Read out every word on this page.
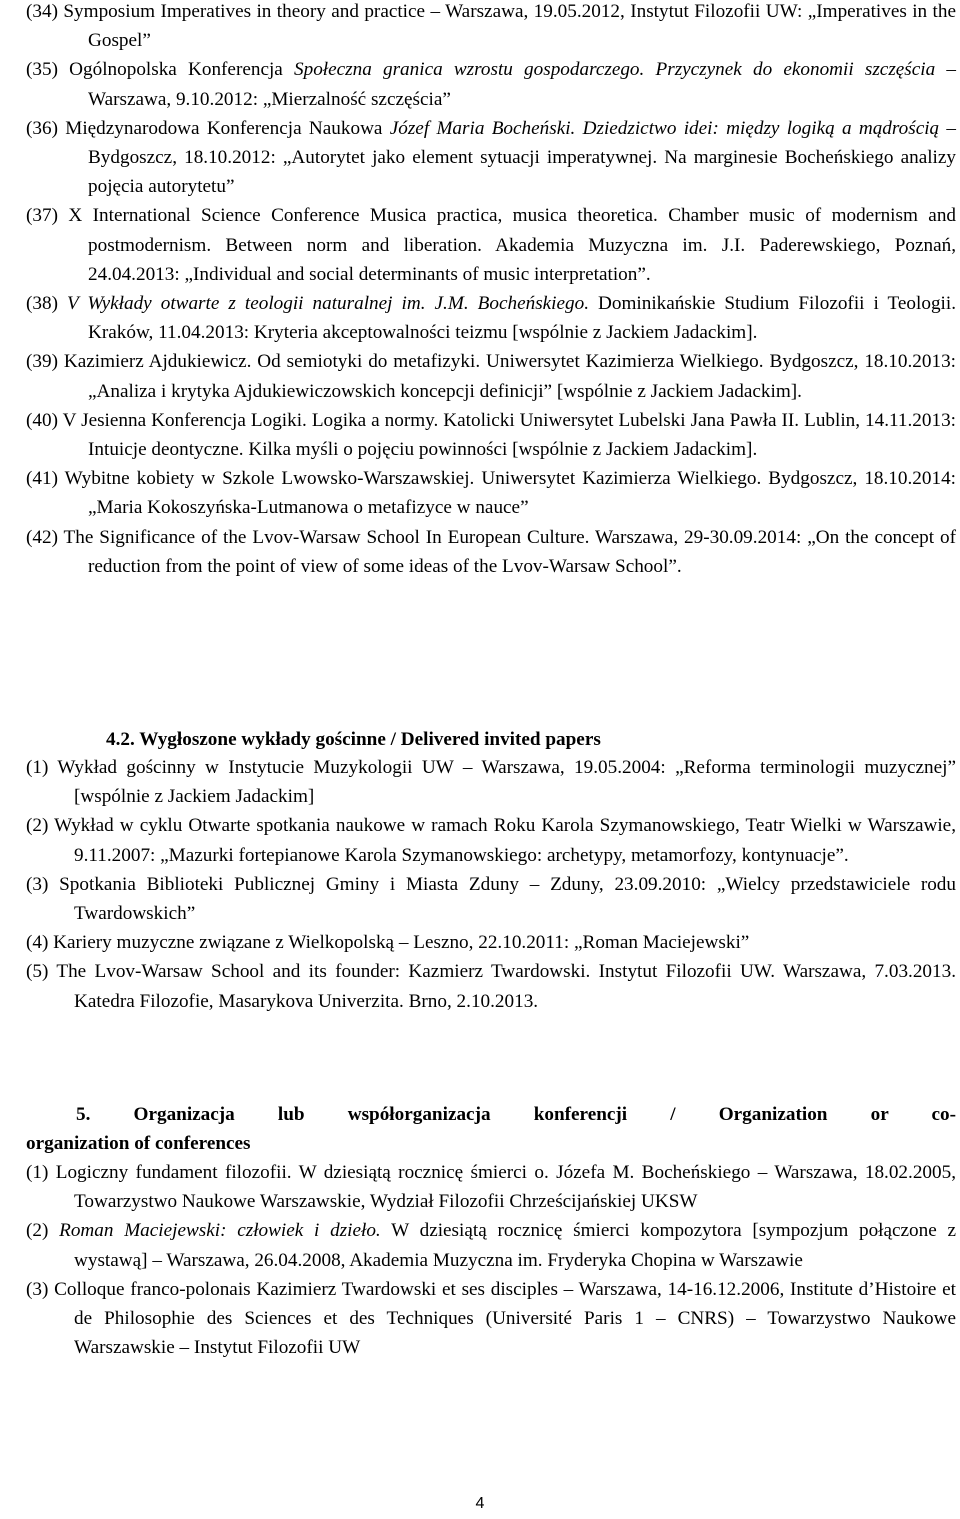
(34) Symposium Imperatives in theory and practice – Warszawa, 19.05.2012, Instytut Filozofii UW: „Imperatives in the Gospel”
(35) Ogólnopolska Konferencja Społeczna granica wzrostu gospodarczego. Przyczynek do ekonomii szczęścia – Warszawa, 9.10.2012: „Mierzalność szczęścia”
(36) Międzynarodowa Konferencja Naukowa Józef Maria Bocheński. Dziedzictwo idei: między logiką a mądrością – Bydgoszcz, 18.10.2012: „Autorytet jako element sytuacji imperatywnej. Na marginesie Bocheńskiego analizy pojęcia autorytetu”
(37) X International Science Conference Musica practica, musica theoretica. Chamber music of modernism and postmodernism. Between norm and liberation. Akademia Muzyczna im. J.I. Paderewskiego, Poznań, 24.04.2013: „Individual and social determinants of music interpretation”.
(38) V Wykłady otwarte z teologii naturalnej im. J.M. Bocheńskiego. Dominikańskie Studium Filozofii i Teologii. Kraków, 11.04.2013: Kryteria akceptowalności teizmu [wspólnie z Jackiem Jadackim].
(39) Kazimierz Ajdukiewicz. Od semiotyki do metafizyki. Uniwersytet Kazimierza Wielkiego. Bydgoszcz, 18.10.2013: „Analiza i krytyka Ajdukiewiczowskich koncepcji definicji” [wspólnie z Jackiem Jadackim].
(40) V Jesienna Konferencja Logiki. Logika a normy. Katolicki Uniwersytet Lubelski Jana Pawła II. Lublin, 14.11.2013: Intuicje deontyczne. Kilka myśli o pojęciu powinności [wspólnie z Jackiem Jadackim].
(41) Wybitne kobiety w Szkole Lwowsko-Warszawskiej. Uniwersytet Kazimierza Wielkiego. Bydgoszcz, 18.10.2014: „Maria Kokoszyńska-Lutmanowa o metafizyce w nauce”
(42) The Significance of the Lvov-Warsaw School In European Culture. Warszawa, 29-30.09.2014: „On the concept of reduction from the point of view of some ideas of the Lvov-Warsaw School”.
4.2. Wygłoszone wykłady gościnne / Delivered invited papers
(1) Wykład gościnny w Instytucie Muzykologii UW – Warszawa, 19.05.2004: „Reforma terminologii muzycznej” [wspólnie z Jackiem Jadackim]
(2) Wykład w cyklu Otwarte spotkania naukowe w ramach Roku Karola Szymanowskiego, Teatr Wielki w Warszawie, 9.11.2007: „Mazurki fortepianowe Karola Szymanowskiego: archetypy, metamorfozy, kontynuacje”.
(3) Spotkania Biblioteki Publicznej Gminy i Miasta Zduny – Zduny, 23.09.2010: „Wielcy przedstawiciele rodu Twardowskich”
(4) Kariery muzyczne związane z Wielkopolską – Leszno, 22.10.2011: „Roman Maciejewski”
(5) The Lvov-Warsaw School and its founder: Kazmierz Twardowski. Instytut Filozofii UW. Warszawa, 7.03.2013. Katedra Filozofie, Masarykova Univerzita. Brno, 2.10.2013.
5. Organizacja lub współorganizacja konferencji / Organization or co-
organization of conferences
(1) Logiczny fundament filozofii. W dziesiątą rocznicę śmierci o. Józefa M. Bocheńskiego – Warszawa, 18.02.2005, Towarzystwo Naukowe Warszawskie, Wydział Filozofii Chrześcijańskiej UKSW
(2) Roman Maciejewski: człowiek i dzieło. W dziesiątą rocznicę śmierci kompozytora [sympozjum połączone z wystawą] – Warszawa, 26.04.2008, Akademia Muzyczna im. Fryderyka Chopina w Warszawie
(3) Colloque franco-polonais Kazimierz Twardowski et ses disciples – Warszawa, 14-16.12.2006, Institute d’Histoire et de Philosophie des Sciences et des Techniques (Université Paris 1 – CNRS) – Towarzystwo Naukowe Warszawskie – Instytut Filozofii UW
4
